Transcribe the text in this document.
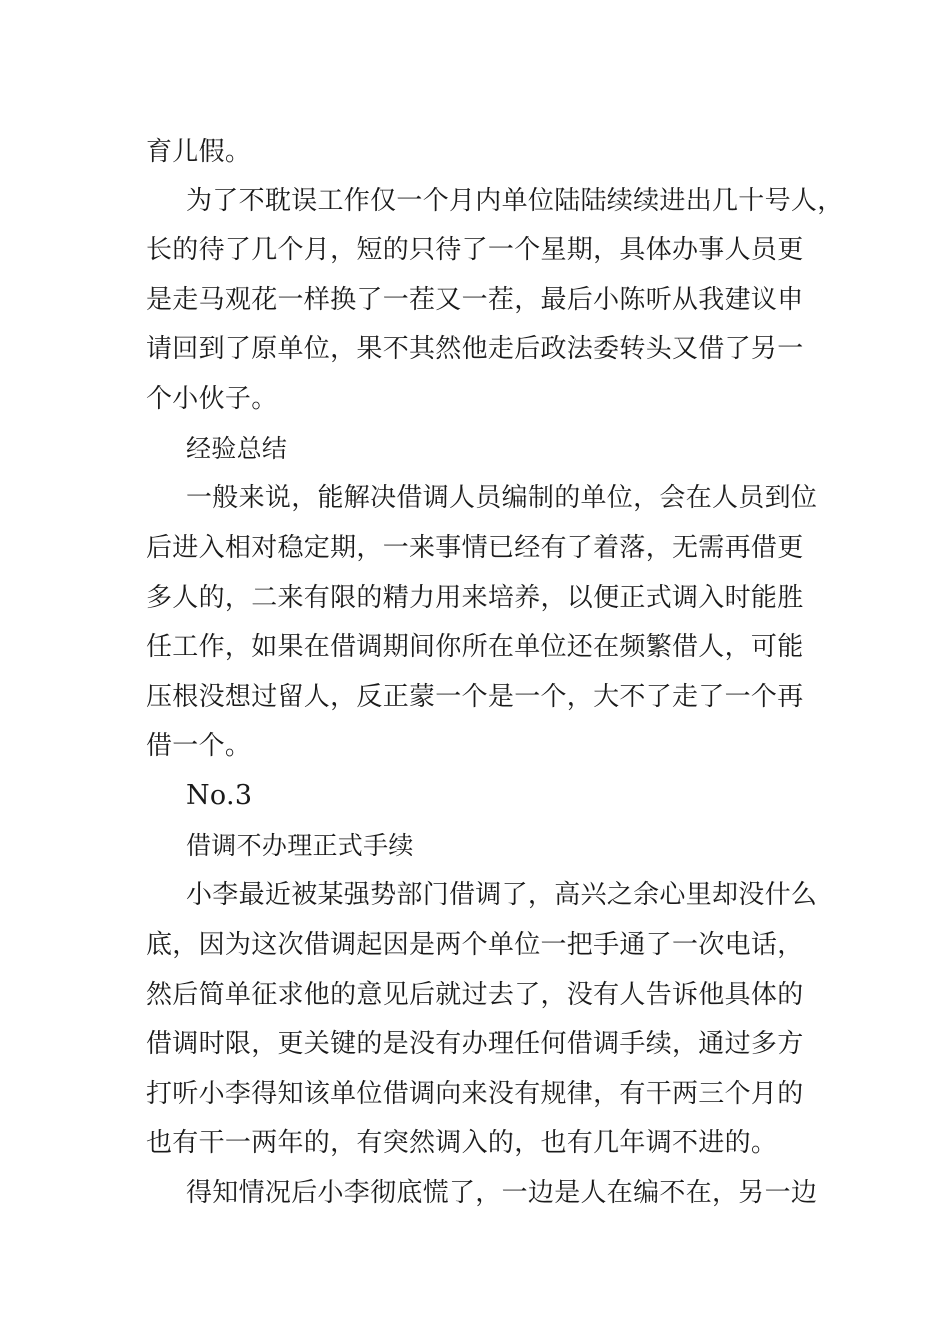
育儿假。
为了不耽误工作仅一个月内单位陆陆续续进出几十号人，
长的待了几个月，短的只待了一个星期，具体办事人员更
是走马观花一样换了一茬又一茬，最后小陈听从我建议申
请回到了原单位，果不其然他走后政法委转头又借了另一
个小伙子。
经验总结
一般来说，能解决借调人员编制的单位，会在人员到位
后进入相对稳定期，一来事情已经有了着落，无需再借更
多人的，二来有限的精力用来培养，以便正式调入时能胜
任工作，如果在借调期间你所在单位还在频繁借人，可能
压根没想过留人，反正蒙一个是一个，大不了走了一个再
借一个。
No.3
借调不办理正式手续
小李最近被某强势部门借调了，高兴之余心里却没什么
底，因为这次借调起因是两个单位一把手通了一次电话，
然后简单征求他的意见后就过去了，没有人告诉他具体的
借调时限，更关键的是没有办理任何借调手续，通过多方
打听小李得知该单位借调向来没有规律，有干两三个月的
也有干一两年的，有突然调入的，也有几年调不进的。
得知情况后小李彻底慌了，一边是人在编不在，另一边
